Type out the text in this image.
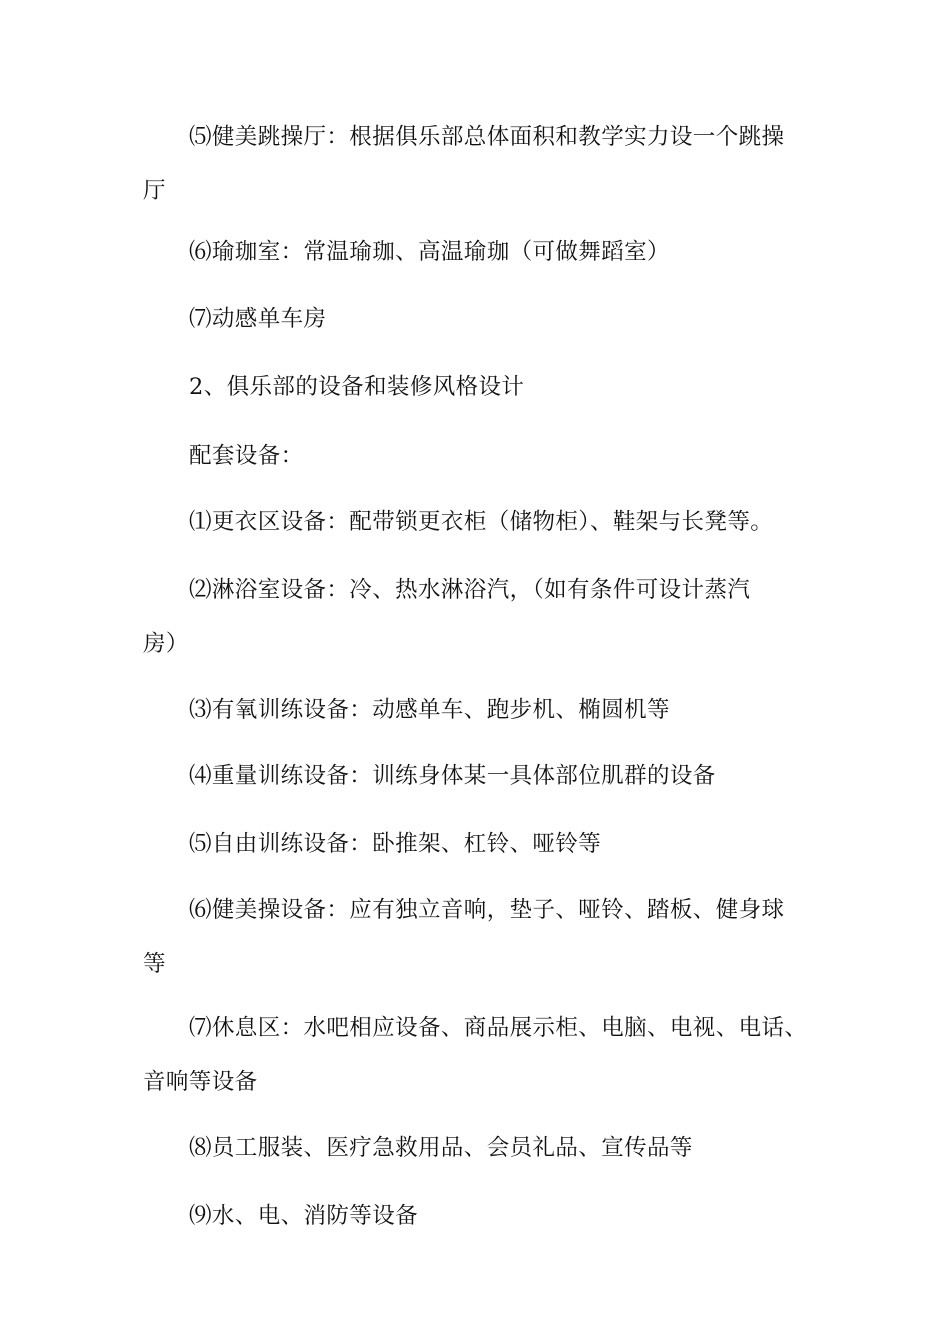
⑸健美跳操厅：根据俱乐部总体面积和教学实力设一个跳操
厅
⑹瑜珈室：常温瑜珈、高温瑜珈（可做舞蹈室）
⑺动感单车房
2、俱乐部的设备和装修风格设计
配套设备：
⑴更衣区设备：配带锁更衣柜（储物柜）、鞋架与长凳等。
⑵淋浴室设备：冷、热水淋浴汽，（如有条件可设计蒸汽
房）
⑶有氧训练设备：动感单车、跑步机、椭圆机等
⑷重量训练设备：训练身体某一具体部位肌群的设备
⑸自由训练设备：卧推架、杠铃、哑铃等
⑹健美操设备：应有独立音响，垫子、哑铃、踏板、健身球
等
⑺休息区：水吧相应设备、商品展示柜、电脑、电视、电话、
音响等设备
⑻员工服装、医疗急救用品、会员礼品、宣传品等
⑼水、电、消防等设备
